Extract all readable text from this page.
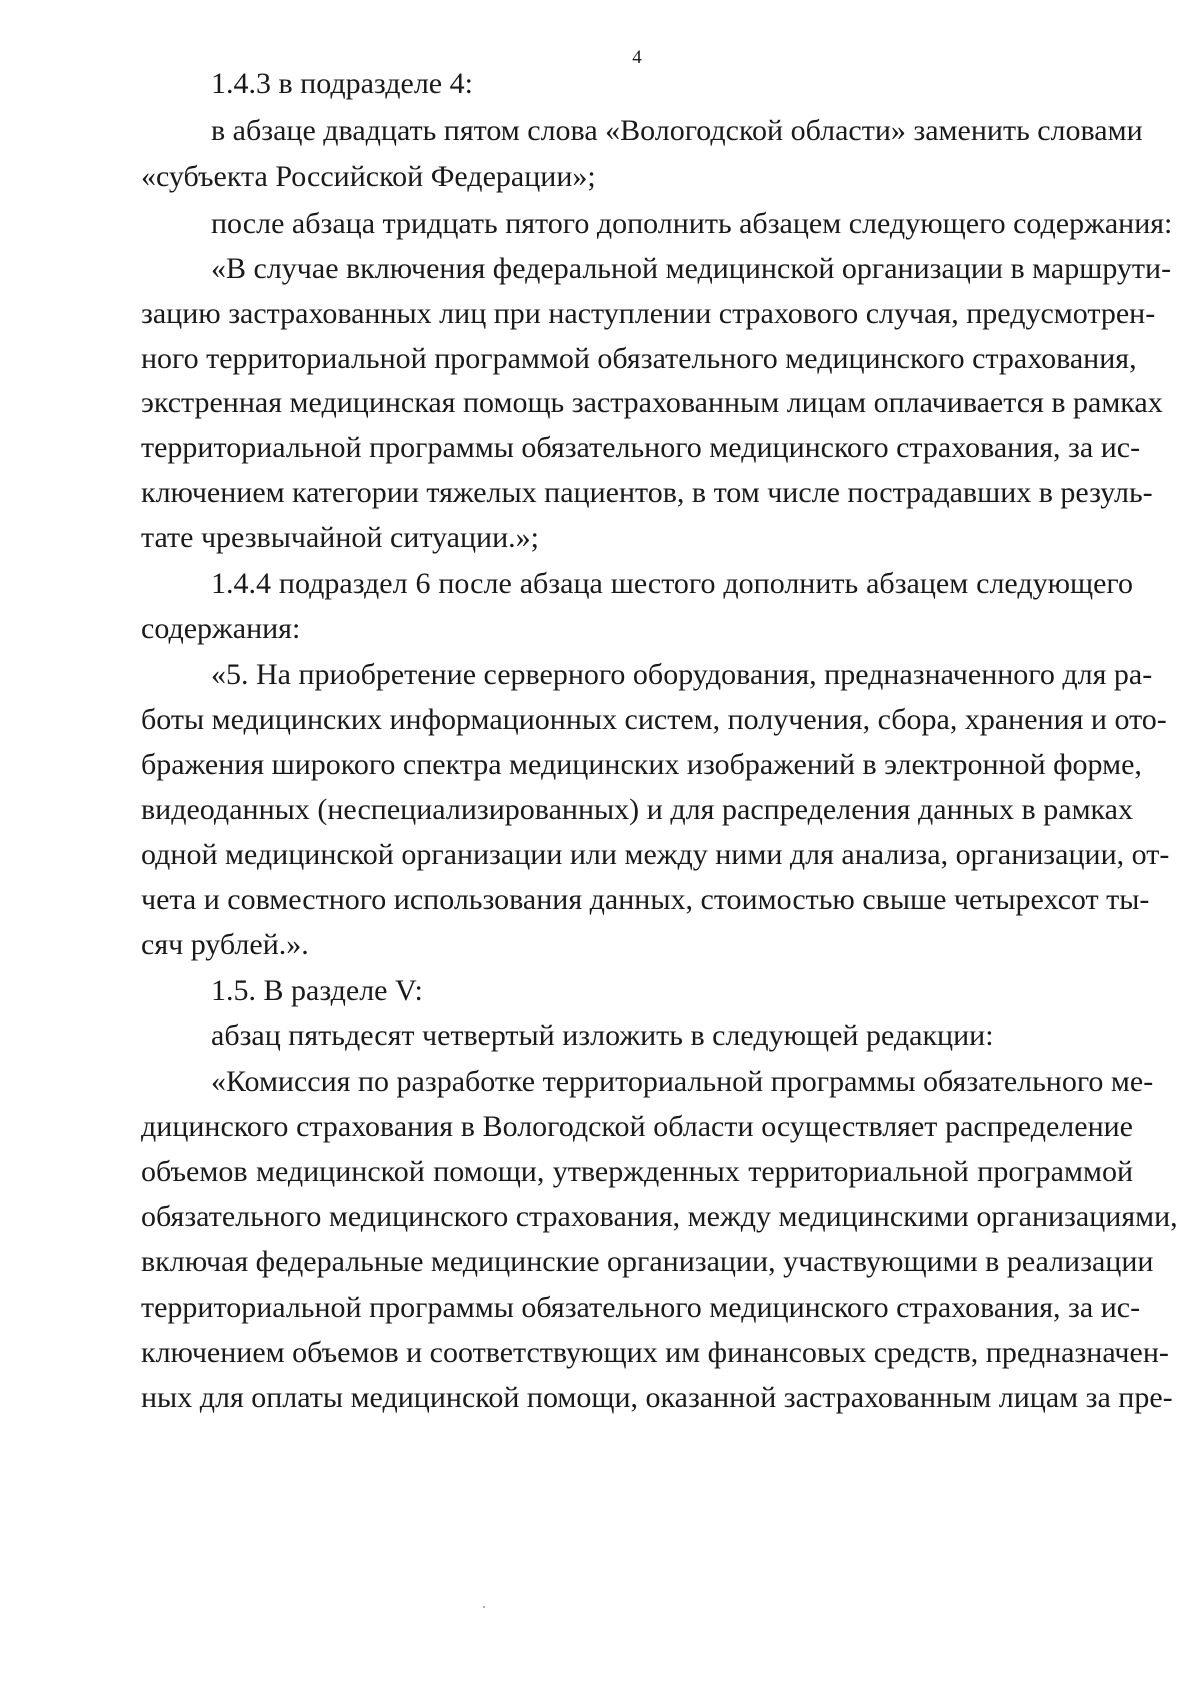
4
1.4.3 в подразделе 4:
в абзаце двадцать пятом слова «Вологодской области» заменить словами
«субъекта Российской Федерации»;
после абзаца тридцать пятого дополнить абзацем следующего содержания:
«В случае включения федеральной медицинской организации в маршрути-
зацию застрахованных лиц при наступлении страхового случая, предусмотрен-
ного территориальной программой обязательного медицинского страхования,
экстренная медицинская помощь застрахованным лицам оплачивается в рамках
территориальной программы обязательного медицинского страхования, за ис-
ключением категории тяжелых пациентов, в том числе пострадавших в резуль-
тате чрезвычайной ситуации.»;
1.4.4 подраздел 6 после абзаца шестого дополнить абзацем следующего
содержания:
«5. На приобретение серверного оборудования, предназначенного для ра-
боты медицинских информационных систем, получения, сбора, хранения и ото-
бражения широкого спектра медицинских изображений в электронной форме,
видеоданных (неспециализированных) и для распределения данных в рамках
одной медицинской организации или между ними для анализа, организации, от-
чета и совместного использования данных, стоимостью свыше четырехсот ты-
сяч рублей.».
1.5. В разделе V:
абзац пятьдесят четвертый изложить в следующей редакции:
«Комиссия по разработке территориальной программы обязательного ме-
дицинского страхования в Вологодской области осуществляет распределение
объемов медицинской помощи, утвержденных территориальной программой
обязательного медицинского страхования, между медицинскими организациями,
включая федеральные медицинские организации, участвующими в реализации
территориальной программы обязательного медицинского страхования, за ис-
ключением объемов и соответствующих им финансовых средств, предназначен-
ных для оплаты медицинской помощи, оказанной застрахованным лицам за пре-
